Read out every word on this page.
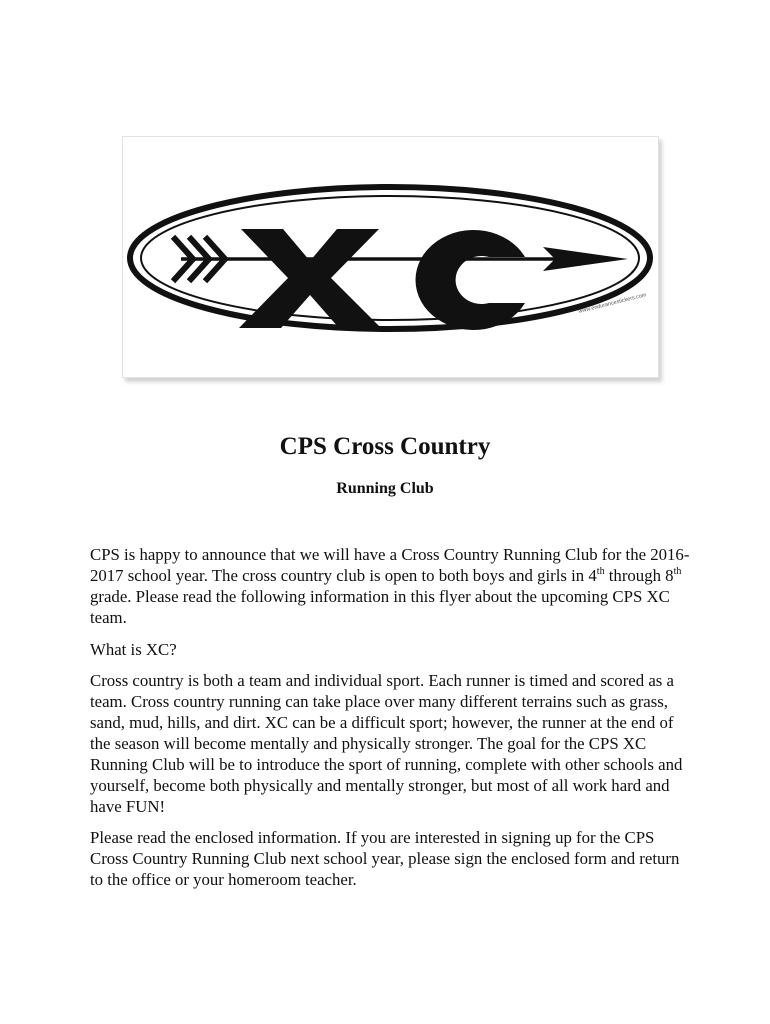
www.endurancestickers.com
CPS Cross Country
Running Club

CPS is happy to announce that we will have a Cross Country Running Club for the 2016-2017 school year. The cross country club is open to both boys and girls in 4th through 8th grade. Please read the following information in this flyer about the upcoming CPS XC team.

What is XC?

Cross country is both a team and individual sport. Each runner is timed and scored as a team. Cross country running can take place over many different terrains such as grass, sand, mud, hills, and dirt. XC can be a difficult sport; however, the runner at the end of the season will become mentally and physically stronger. The goal for the CPS XC Running Club will be to introduce the sport of running, complete with other schools and yourself, become both physically and mentally stronger, but most of all work hard and have FUN!

Please read the enclosed information. If you are interested in signing up for the CPS Cross Country Running Club next school year, please sign the enclosed form and return to the office or your homeroom teacher.
